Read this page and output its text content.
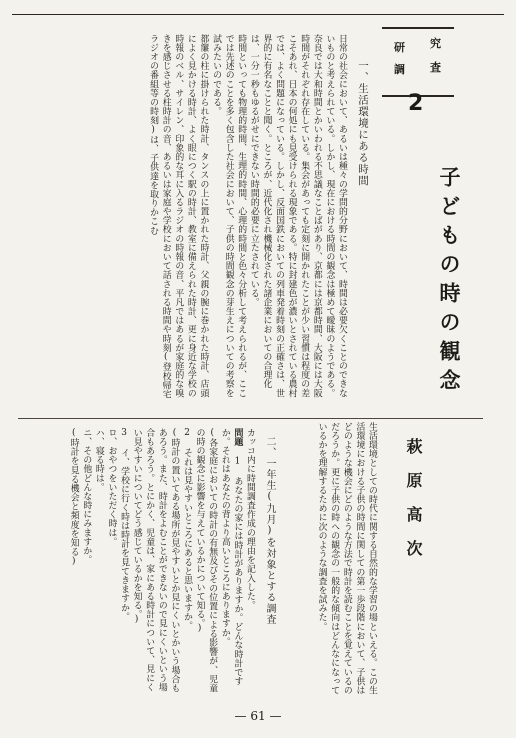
究
研
査
調
2
子どもの時の観念
萩原高次
一、生活環境にある時間
日常の社会において、あるいは種々の学問的分野において、時間は必要欠くことのできないものと考えられている。しかし、現在における時間の観念は極めて曖昧のようである。奈良では大和時間とかいわれる不思議なことばがあり、京都には京都時間、大阪には大阪時間がそれぞれ存在している。集会があっても定刻に開かれたことが少い習慣は程度の差こそあれ、日本の何処にも見受けられる現象である。特に封建色が濃いとされている農村では、よく問題になっている。しかし、反面国鉄においての列車発着時刻の正確さは、世界的に有名なことと聞く。ところが、近代化され機械化された諸企業においての合理化は、一分一秒もゆるがせにできない時間的必要に立たされている。
時間といっても物理的時間、生理的時間、心理的時間と色々分析して考えられるが、ここでは先述のことを多く包含した社会において、子供の時間観念の芽生えについての考察を試みたいのである。
都簾の柱に掛けられた時計、タンスの上に置かれた時計、父親の腕に巻かれた時計、店頭によく見かける時計、よく眼につく駅の時計、教室に備えられた時計、更に身近な学校の時報のベル、サイレン、印象的な耳に入るラジオの時報の音、平凡ではあるが家庭的な嗅きを感じさせる柱時計の音、あるいは家庭や学校において話される時間や時刻(登校帰宅ラジオの番組等の時刻)は、子供達を取りかこむ
生活環境としての時代に関する自然的な学習の場といえる。この生活環境における子供の時間に関しての第一歩段階において、子供はどのような機会にどのような方法で時計を読むことを覚えているのだろうか。更に子供の時への観念の一般的な傾向はどんなになっているかを理解するために次のような調査を試みた。
二、一年生(九月)を対象とする調査
カッコ内に時間調査作成の理由を記入した。
問題 1 あなたの家には時計がありますか。どんな時計ですか。それはあなたの背より高いところにありますか。
(各家庭においての時計の有無及びその位置による影響が、児童の時の観念に影響を与えているかについて知る。)
2 それは見やすいところにあると思いますか。
(時計の置いてある場所が見やすいとか見にくいとかいう場合もあろう。また、時計をよむことができないので見にくいという場合もあろう。とにかく、児童は、家にある時計について、見にくい見やすいについてどう感じているかを知る。)
3 イ、学校に行く時は時計を見てきますか。
ロ、おやつをいただく時は。
ハ、寝る時は。
ニ、その他どんな時にみますか。
(時計を見る機会と頻度を知る)
— 61 —
